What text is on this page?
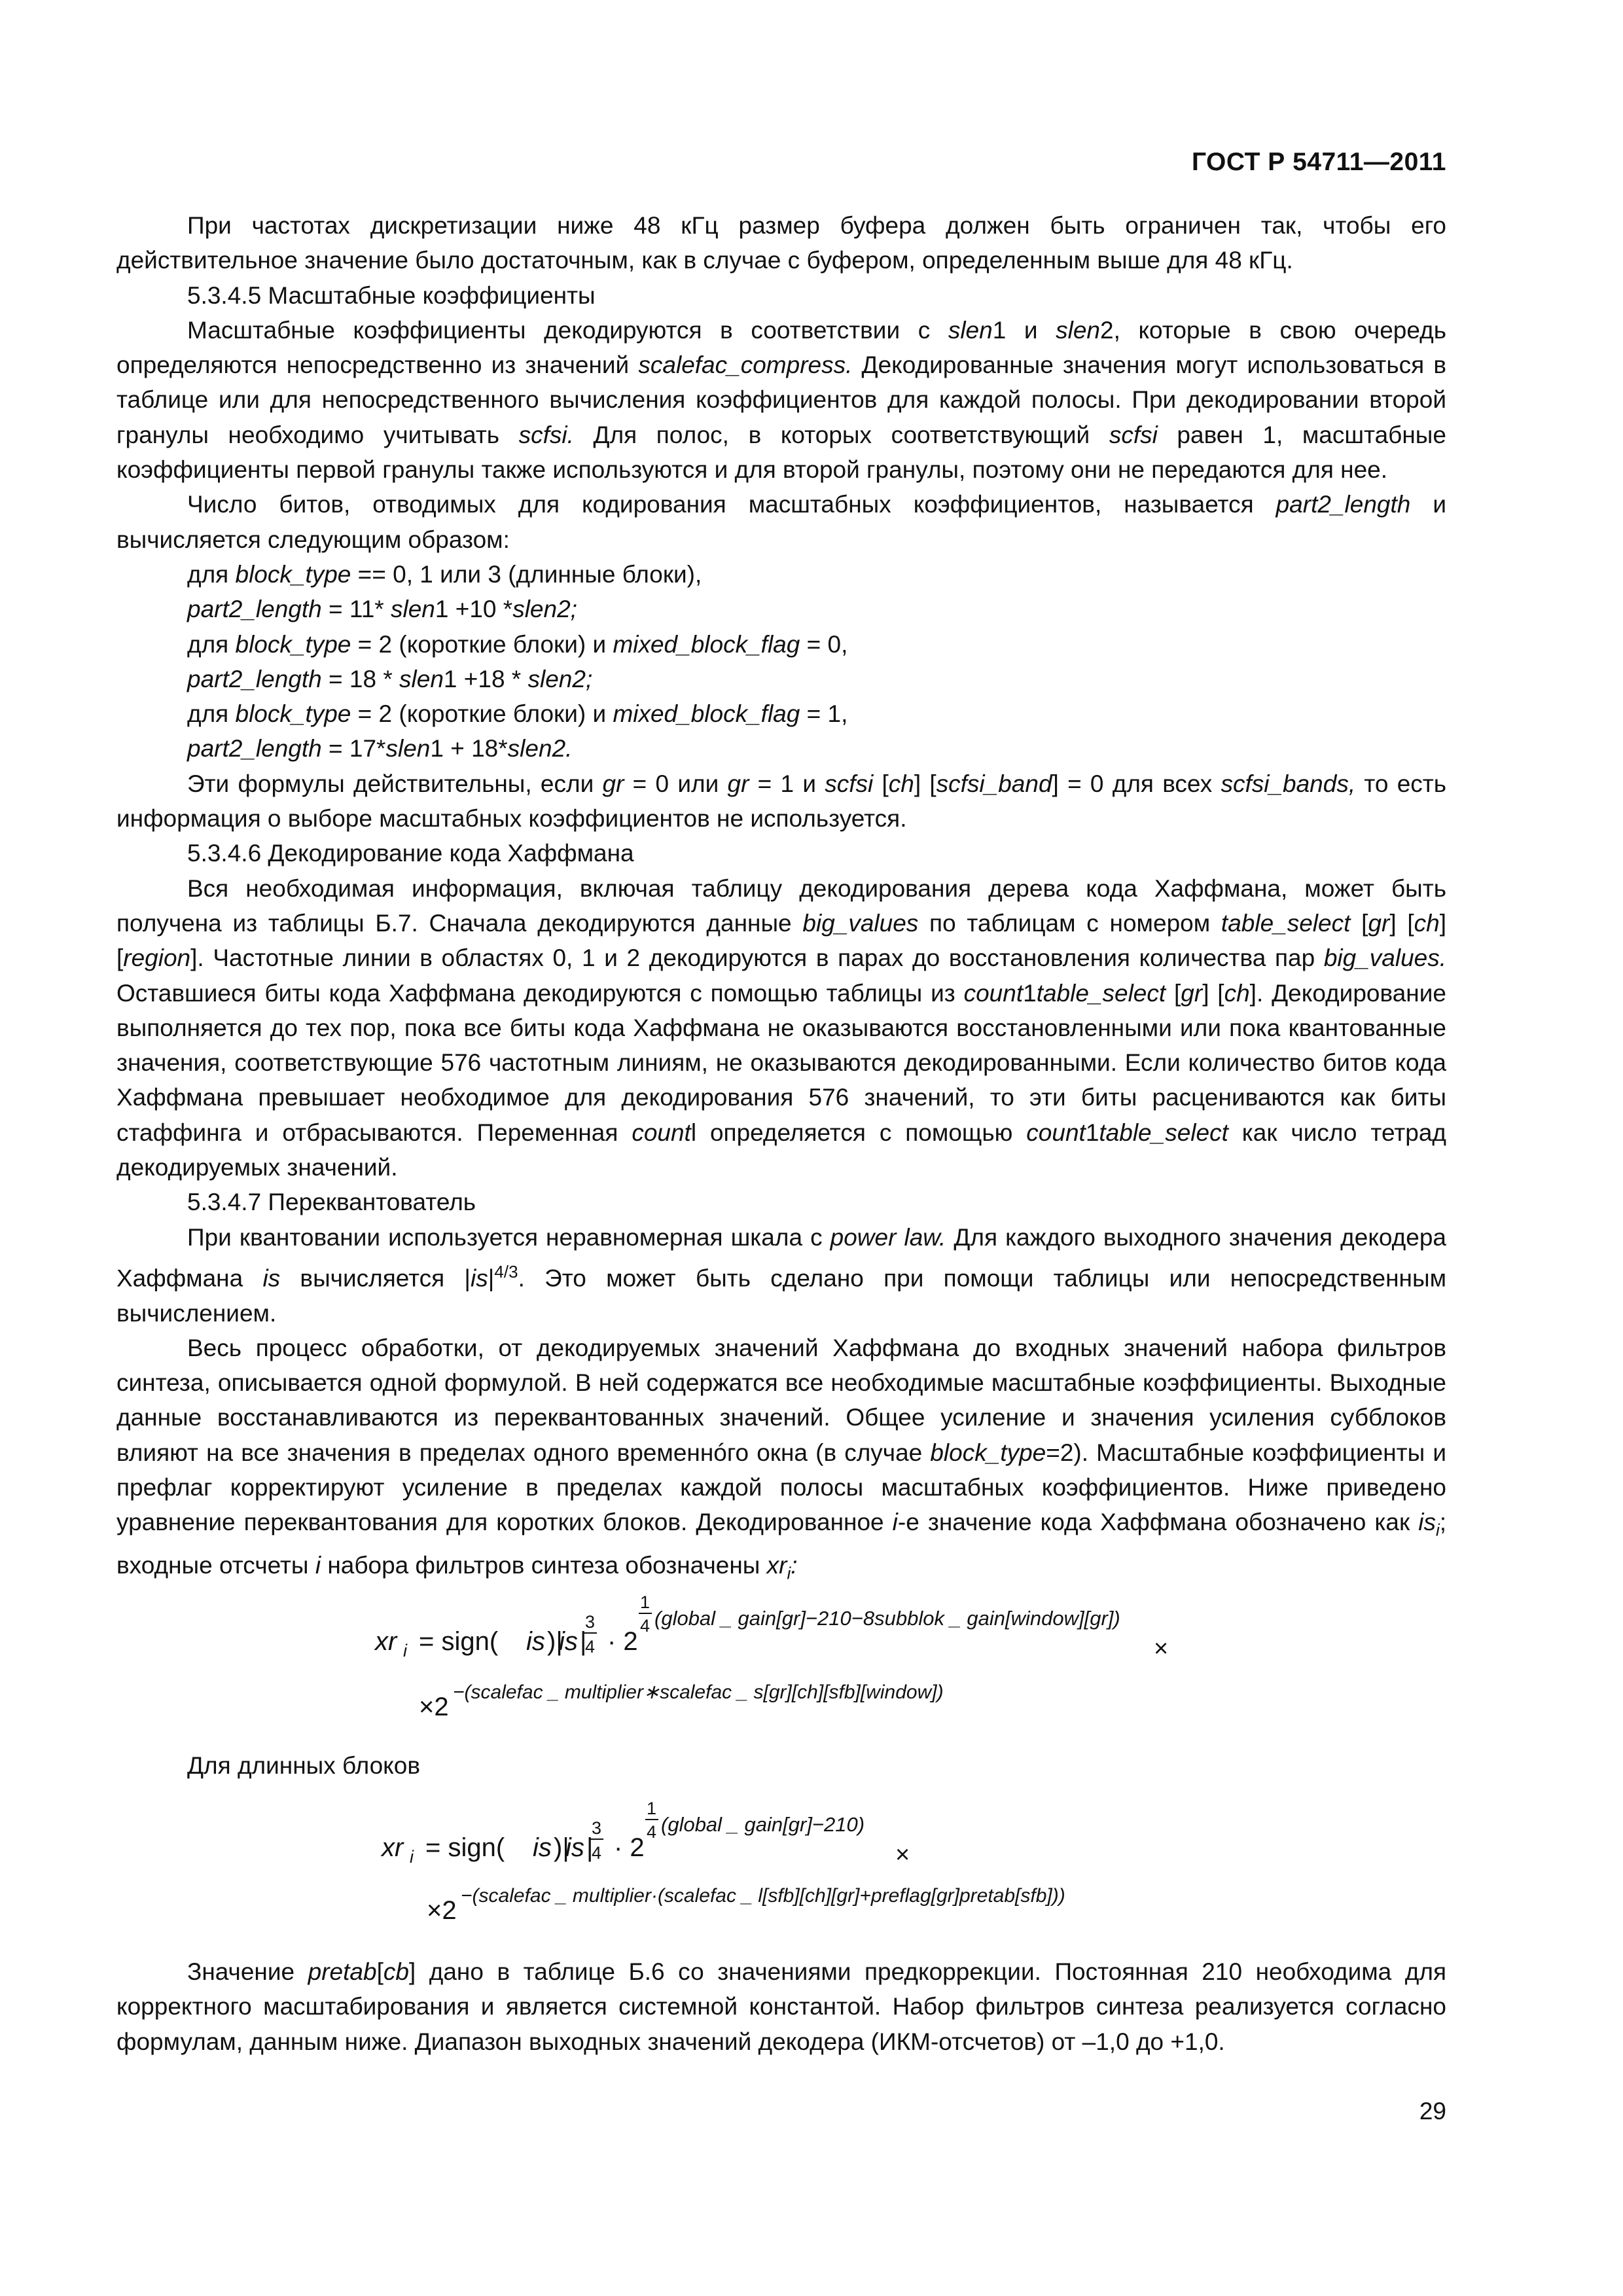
ГОСТ Р 54711—2011

При частотах дискретизации ниже 48 кГц размер буфера должен быть ограничен так, чтобы его действительное значение было достаточным, как в случае с буфером, определенным выше для 48 кГц.

5.3.4.5 Масштабные коэффициенты

Масштабные коэффициенты декодируются в соответствии с slen1 и slen2, которые в свою очередь определяются непосредственно из значений scalefac_compress. Декодированные значения могут использоваться в таблице или для непосредственного вычисления коэффициентов для каждой полосы. При декодировании второй гранулы необходимо учитывать scfsi. Для полос, в которых соответствующий scfsi равен 1, масштабные коэффициенты первой гранулы также используются и для второй гранулы, поэтому они не передаются для нее.

Число битов, отводимых для кодирования масштабных коэффициентов, называется part2_length и вычисляется следующим образом:

для block_type == 0, 1 или 3 (длинные блоки),

part2_length = 11* slen1 +10 *slen2;

для block_type = 2 (короткие блоки) и mixed_block_flag = 0,

part2_length = 18 * slen1 +18 * slen2;

для block_type = 2 (короткие блоки) и mixed_block_flag = 1,

part2_length = 17*slen1 + 18*slen2.

Эти формулы действительны, если gr = 0 или gr = 1 и scfsi [ch] [scfsi_band] = 0 для всех scfsi_bands, то есть информация о выборе масштабных коэффициентов не используется.

5.3.4.6 Декодирование кода Хаффмана

Вся необходимая информация, включая таблицу декодирования дерева кода Хаффмана, может быть получена из таблицы Б.7. Сначала декодируются данные big_values по таблицам с номером table_select [gr] [ch] [region]. Частотные линии в областях 0, 1 и 2 декодируются в парах до восстановления количества пар big_values. Оставшиеся биты кода Хаффмана декодируются с помощью таблицы из count1table_select [gr] [ch]. Декодирование выполняется до тех пор, пока все биты кода Хаффмана не оказываются восстановленными или пока квантованные значения, соответствующие 576 частотным линиям, не оказываются декодированными. Если количество битов кода Хаффмана превышает необходимое для декодирования 576 значений, то эти биты расцениваются как биты стаффинга и отбрасываются. Переменная countl определяется с помощью count1table_select как число тетрад декодируемых значений.

5.3.4.7 Переквантователь

При квантовании используется неравномерная шкала с power law. Для каждого выходного значения декодера Хаффмана is вычисляется $|is|^{4/3}$. Это может быть сделано при помощи таблицы или непосредственным вычислением.

Весь процесс обработки, от декодируемых значений Хаффмана до входных значений набора фильтров синтеза, описывается одной формулой. В ней содержатся все необходимые масштабные коэффициенты. Выходные данные восстанавливаются из переквантованных значений. Общее усиление и значения усиления субблоков влияют на все значения в пределах одного временнóго окна (в случае block_type=2). Масштабные коэффициенты и префлаг корректируют усиление в пределах каждой полосы масштабных коэффициентов. Ниже приведено уравнение переквантования для коротких блоков. Декодированное i-е значение кода Хаффмана обозначено как $is_i$; входные отсчеты i набора фильтров синтеза обозначены $xr_i$:

xr i = sign( is )|
is |
3
4 · 2
1
4 (global _ gain[gr]−210−8subblok _ gain[window][gr])
×
×2
−(scalefac _ multiplier∗scalefac _ s[gr][ch][sfb][window])

Для длинных блоков

xr i = sign( is )|
is |
3
4 · 2
1
4 (global _ gain[gr]−210)
×
×2
−(scalefac _ multiplier·(scalefac _ l[sfb][ch][gr]+preflag[gr]pretab[sfb]))

Значение pretab[cb] дано в таблице Б.6 со значениями предкоррекции. Постоянная 210 необходима для корректного масштабирования и является системной константой. Набор фильтров синтеза реализуется согласно формулам, данным ниже. Диапазон выходных значений декодера (ИКМ-отсчетов) от –1,0 до +1,0.

29
